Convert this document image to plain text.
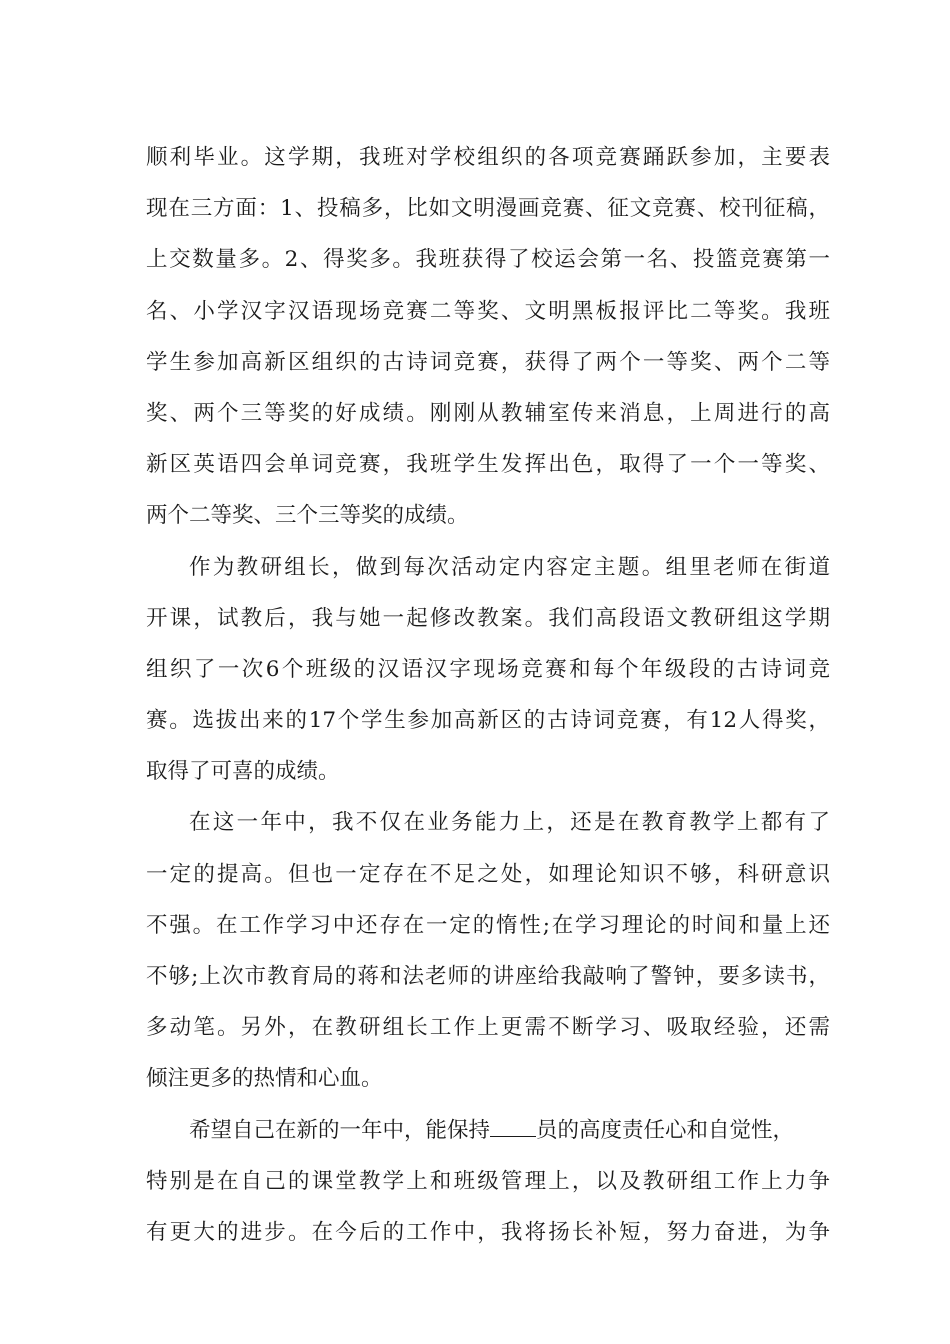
顺利毕业。这学期，我班对学校组织的各项竞赛踊跃参加，主要表
现在三方面：1、投稿多，比如文明漫画竞赛、征文竞赛、校刊征稿，
上交数量多。2、得奖多。我班获得了校运会第一名、投篮竞赛第一
名、小学汉字汉语现场竞赛二等奖、文明黑板报评比二等奖。我班
学生参加高新区组织的古诗词竞赛，获得了两个一等奖、两个二等
奖、两个三等奖的好成绩。刚刚从教辅室传来消息，上周进行的高
新区英语四会单词竞赛，我班学生发挥出色，取得了一个一等奖、
两个二等奖、三个三等奖的成绩。
作为教研组长，做到每次活动定内容定主题。组里老师在街道
开课，试教后，我与她一起修改教案。我们高段语文教研组这学期
组织了一次6个班级的汉语汉字现场竞赛和每个年级段的古诗词竞
赛。选拔出来的17个学生参加高新区的古诗词竞赛，有12人得奖，
取得了可喜的成绩。
在这一年中，我不仅在业务能力上，还是在教育教学上都有了
一定的提高。但也一定存在不足之处，如理论知识不够，科研意识
不强。在工作学习中还存在一定的惰性;在学习理论的时间和量上还
不够;上次市教育局的蒋和法老师的讲座给我敲响了警钟，要多读书，
多动笔。另外，在教研组长工作上更需不断学习、吸取经验，还需
倾注更多的热情和心血。
希望自己在新的一年中，能保持 员的高度责任心和自觉性，
特别是在自己的课堂教学上和班级管理上，以及教研组工作上力争
有更大的进步。在今后的工作中，我将扬长补短，努力奋进，为争
